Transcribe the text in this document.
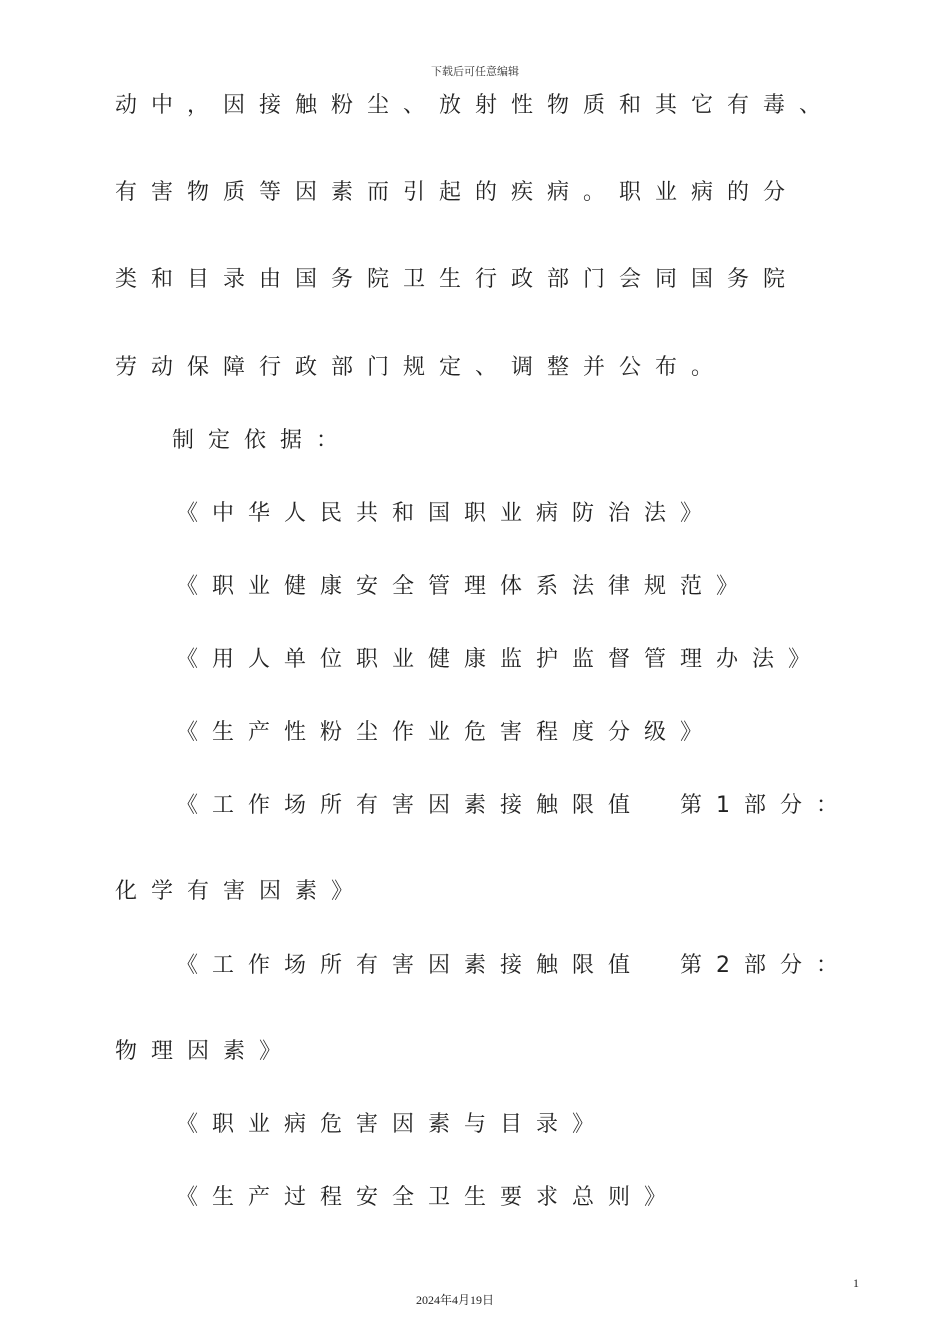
下载后可任意编辑
动中，因接触粉尘、放射性物质和其它有毒、
有害物质等因素而引起的疾病。职业病的分
类和目录由国务院卫生行政部门会同国务院
劳动保障行政部门规定、调整并公布。
制定依据：
《中华人民共和国职业病防治法》
《职业健康安全管理体系法律规范》
《用人单位职业健康监护监督管理办法》
《生产性粉尘作业危害程度分级》
《工作场所有害因素接触限值　第1部分：
化学有害因素》
《工作场所有害因素接触限值　第2部分：
物理因素》
《职业病危害因素与目录》
《生产过程安全卫生要求总则》
1
2024年4月19日
